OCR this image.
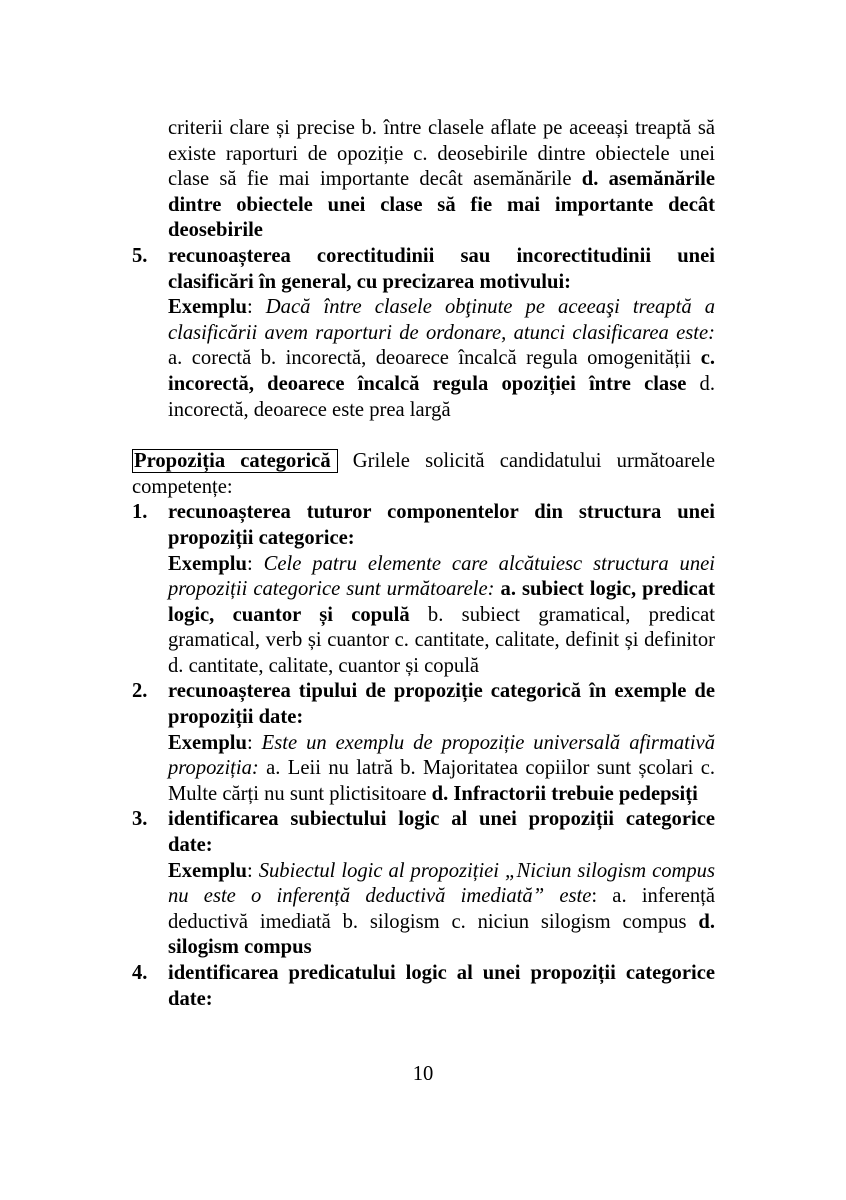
criterii clare și precise b. între clasele aflate pe aceeași treaptă să existe raporturi de opoziție c. deosebirile dintre obiectele unei clase să fie mai importante decât asemănările d. asemănările dintre obiectele unei clase să fie mai importante decât deosebirile
5. recunoașterea corectitudinii sau incorectitudinii unei clasificări în general, cu precizarea motivului:
Exemplu: Dacă între clasele obţinute pe aceeaşi treaptă a clasificării avem raporturi de ordonare, atunci clasificarea este: a. corectă b. incorectă, deoarece încalcă regula omogenității c. incorectă, deoarece încalcă regula opoziției între clase d. incorectă, deoarece este prea largă
Propoziția categorică Grilele solicită candidatului următoarele competențe:
1. recunoașterea tuturor componentelor din structura unei propoziții categorice:
Exemplu: Cele patru elemente care alcătuiesc structura unei propoziții categorice sunt următoarele: a. subiect logic, predicat logic, cuantor și copulă b. subiect gramatical, predicat gramatical, verb și cuantor c. cantitate, calitate, definit și definitor d. cantitate, calitate, cuantor și copulă
2. recunoașterea tipului de propoziție categorică în exemple de propoziții date:
Exemplu: Este un exemplu de propoziție universală afirmativă propoziția: a. Leii nu latră b. Majoritatea copiilor sunt școlari c. Multe cărți nu sunt plictisitoare d. Infractorii trebuie pedepsiți
3. identificarea subiectului logic al unei propoziții categorice date:
Exemplu: Subiectul logic al propoziției „Niciun silogism compus nu este o inferență deductivă imediată” este: a. inferență deductivă imediată b. silogism c. niciun silogism compus d. silogism compus
4. identificarea predicatului logic al unei propoziții categorice date:
10
